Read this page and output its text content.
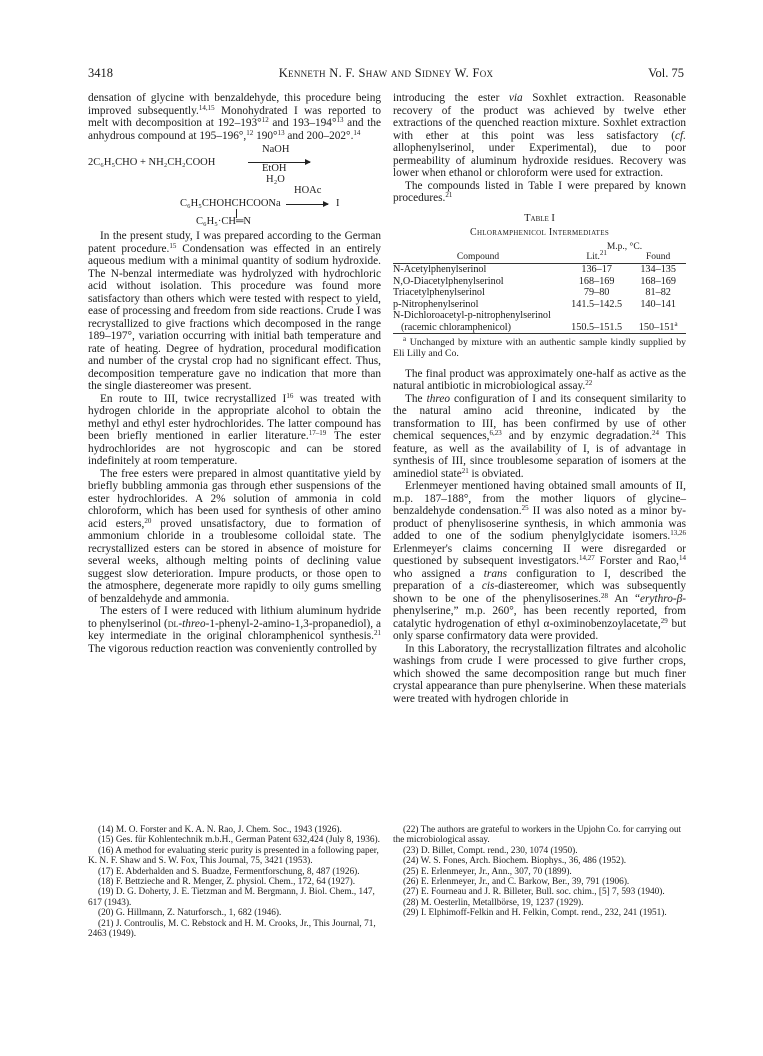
3418	Kenneth N. F. Shaw and Sidney W. Fox	Vol. 75

densation of glycine with benzaldehyde, this procedure being improved subsequently.$^{14,15}$ Monohydrated I was reported to melt with decomposition at 192–193°$^{12}$ and 193–194°$^{13}$ and the anhydrous compound at 195–196°,$^{12}$ 190°$^{13}$ and 200–202°.$^{14}$

2C₆H₅CHO + NH₂CH₂COOH
NaOH
EtOH
H₂O
HOAc
C₆H₅CHOHCHCOONa → I
C₆H₅·CH═N

In the present study, I was prepared according to the German patent procedure.$^{15}$ Condensation was effected in an entirely aqueous medium with a minimal quantity of sodium hydroxide. The N-benzal intermediate was hydrolyzed with hydrochloric acid without isolation. This procedure was found more satisfactory than others which were tested with respect to yield, ease of processing and freedom from side reactions. Crude I was recrystallized to give fractions which decomposed in the range 189–197°, variation occurring with initial bath temperature and rate of heating. Degree of hydration, procedural modification and number of the crystal crop had no significant effect. Thus, decomposition temperature gave no indication that more than the single diastereomer was present.

En route to III, twice recrystallized $I^{16}$ was treated with hydrogen chloride in the appropriate alcohol to obtain the methyl and ethyl ester hydrochlorides. The latter compound has been briefly mentioned in earlier literature.$^{17-19}$ The ester hydrochlorides are not hygroscopic and can be stored indefinitely at room temperature.

The free esters were prepared in almost quantitative yield by briefly bubbling ammonia gas through ether suspensions of the ester hydrochlorides. A 2% solution of ammonia in cold chloroform, which has been used for synthesis of other amino acid esters,$^{20}$ proved unsatisfactory, due to formation of ammonium chloride in a troublesome colloidal state. The recrystallized esters can be stored in absence of moisture for several weeks, although melting points of declining value suggest slow deterioration. Impure products, or those open to the atmosphere, degenerate more rapidly to oily gums smelling of benzaldehyde and ammonia.

The esters of I were reduced with lithium aluminum hydride to phenylserinol (dl-threo-1-phenyl-2-amino-1,3-propanediol), a key intermediate in the original chloramphenicol synthesis.$^{21}$ The vigorous reduction reaction was conveniently controlled by

introducing the ester via Soxhlet extraction. Reasonable recovery of the product was achieved by twelve ether extractions of the quenched reaction mixture. Soxhlet extraction with ether at this point was less satisfactory (cf. allophenylserinol, under Experimental), due to poor permeability of aluminum hydroxide residues. Recovery was lower when ethanol or chloroform were used for extraction.

The compounds listed in Table I were prepared by known procedures.$^{21}$

Table I
Chloramphenicol Intermediates
	M.p., °C.	
Compound	Lit.$^{21}$	Found

N-Acetylphenylserinol	136–17	134–135
N,O-Diacetylphenylserinol	168–169	168–169
Triacetylphenylserinol	79–80	81–82
p-Nitrophenylserinol	141.5–142.5	140–141
N-Dichloroacetyl-p-nitrophenylserinol		
(racemic chloramphenicol)	150.5–151.5	150–151$^a$

$^a$ Unchanged by mixture with an authentic sample kindly supplied by Eli Lilly and Co.

The final product was approximately one-half as active as the natural antibiotic in microbiological assay.$^{22}$

The threo configuration of I and its consequent similarity to the natural amino acid threonine, indicated by the transformation to III, has been confirmed by use of other chemical sequences,$^{6,23}$ and by enzymic degradation.$^{24}$ This feature, as well as the availability of I, is of advantage in synthesis of III, since troublesome separation of isomers at the aminediol state$^{21}$ is obviated.

Erlenmeyer mentioned having obtained small amounts of II, m.p. 187–188°, from the mother liquors of glycine–benzaldehyde condensation.$^{25}$ II was also noted as a minor by-product of phenylisoserine synthesis, in which ammonia was added to one of the sodium phenylglycidate isomers.$^{13,26}$ Erlenmeyer's claims concerning II were disregarded or questioned by subsequent investigators.$^{14,27}$ Forster and Rao,$^{14}$ who assigned a trans configuration to I, described the preparation of a cis-diastereomer, which was subsequently shown to be one of the phenylisoserines.$^{28}$ An “erythro-β-phenylserine,” m.p. 260°, has been recently reported, from catalytic hydrogenation of ethyl α-oximinobenzoylacetate,$^{29}$ but only sparse confirmatory data were provided.

In this Laboratory, the recrystallization filtrates and alcoholic washings from crude I were processed to give further crops, which showed the same decomposition range but much finer crystal appearance than pure phenylserine. When these materials were treated with hydrogen chloride in

(14) M. O. Forster and K. A. N. Rao, J. Chem. Soc., 1943 (1926).
(15) Ges. für Kohlentechnik m.b.H., German Patent 632,424 (July 8, 1936).
(16) A method for evaluating steric purity is presented in a following paper, K. N. F. Shaw and S. W. Fox, This Journal, 75, 3421 (1953).
(17) E. Abderhalden and S. Buadze, Fermentforschung, 8, 487 (1926).
(18) F. Bettzieche and R. Menger, Z. physiol. Chem., 172, 64 (1927).
(19) D. G. Doherty, J. E. Tietzman and M. Bergmann, J. Biol. Chem., 147, 617 (1943).
(20) G. Hillmann, Z. Naturforsch., 1, 682 (1946).
(21) J. Controulis, M. C. Rebstock and H. M. Crooks, Jr., This Journal, 71, 2463 (1949).
(22) The authors are grateful to workers in the Upjohn Co. for carrying out the microbiological assay.
(23) D. Billet, Compt. rend., 230, 1074 (1950).
(24) W. S. Fones, Arch. Biochem. Biophys., 36, 486 (1952).
(25) E. Erlenmeyer, Jr., Ann., 307, 70 (1899).
(26) E. Erlenmeyer, Jr., and C. Barkow, Ber., 39, 791 (1906).
(27) E. Fourneau and J. R. Billeter, Bull. soc. chim., [5] 7, 593 (1940).
(28) M. Oesterlin, Metallbörse, 19, 1237 (1929).
(29) I. Elphimoff-Felkin and H. Felkin, Compt. rend., 232, 241 (1951).
